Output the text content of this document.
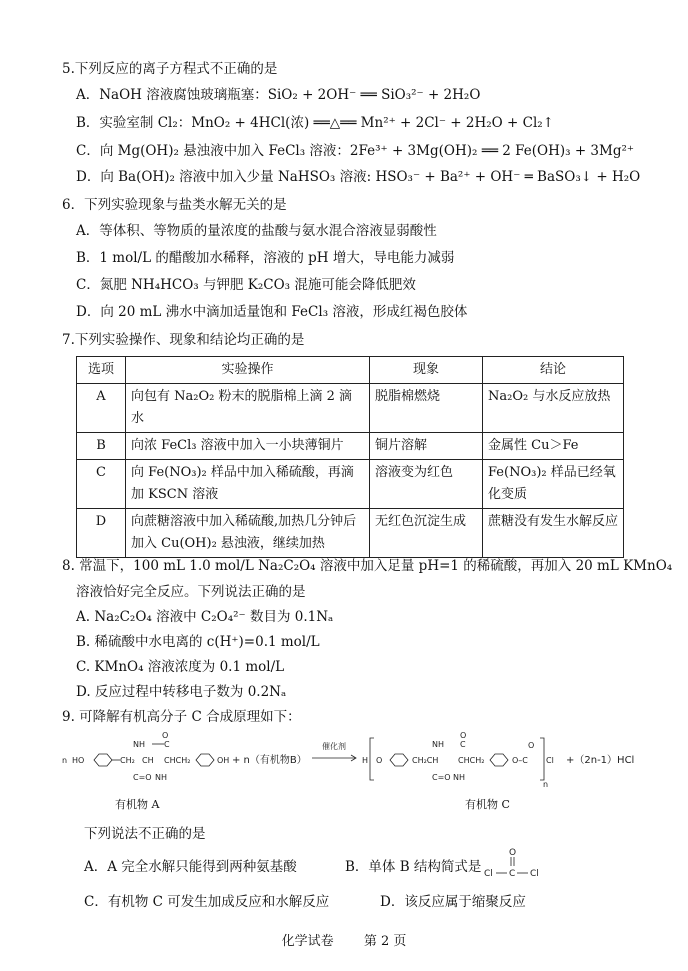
5.下列反应的离子方程式不正确的是
A．NaOH 溶液腐蚀玻璃瓶塞：SiO₂ + 2OH⁻ ══ SiO₃²⁻ + 2H₂O
B．实验室制 Cl₂：MnO₂ + 4HCl(浓) ══△══ Mn²⁺ + 2Cl⁻ + 2H₂O + Cl₂↑
C．向 Mg(OH)₂ 悬浊液中加入 FeCl₃ 溶液：2Fe³⁺ + 3Mg(OH)₂ ══ 2 Fe(OH)₃ + 3Mg²⁺
D．向 Ba(OH)₂ 溶液中加入少量 NaHSO₃ 溶液: HSO₃⁻ + Ba²⁺ + OH⁻ ═ BaSO₃↓ + H₂O
6．下列实验现象与盐类水解无关的是
A．等体积、等物质的量浓度的盐酸与氨水混合溶液显弱酸性
B．1 mol/L 的醋酸加水稀释，溶液的 pH 增大，导电能力减弱
C．氮肥 NH₄HCO₃ 与钾肥 K₂CO₃ 混施可能会降低肥效
D．向 20 mL 沸水中滴加适量饱和 FeCl₃ 溶液，形成红褐色胶体
7.下列实验操作、现象和结论均正确的是
选项	实验操作	现象	结论
A	向包有 Na₂O₂ 粉末的脱脂棉上滴 2 滴水	脱脂棉燃烧	Na₂O₂ 与水反应放热
B	向浓 FeCl₃ 溶液中加入一小块薄铜片	铜片溶解	金属性 Cu＞Fe
C	向 Fe(NO₃)₂ 样品中加入稀硫酸，再滴加 KSCN 溶液	溶液变为红色	Fe(NO₃)₂ 样品已经氧化变质
D	向蔗糖溶液中加入稀硫酸,加热几分钟后加入 Cu(OH)₂ 悬浊液，继续加热	无红色沉淀生成	蔗糖没有发生水解反应
8. 常温下，100 mL 1.0 mol/L Na₂C₂O₄ 溶液中加入足量 pH=1 的稀硫酸，再加入 20 mL KMnO₄
溶液恰好完全反应。下列说法正确的是
A. Na₂C₂O₄ 溶液中 C₂O₄²⁻ 数目为 0.1Nₐ
B. 稀硫酸中水电离的 c(H⁺)=0.1 mol/L
C. KMnO₄ 溶液浓度为 0.1 mol/L
D. 反应过程中转移电子数为 0.2Nₐ
9. 可降解有机高分子 C 合成原理如下：
n HO	CH₂ CH
NH
C=O
C
O
CHCH₂
NH
OH + n（有机物B）
催化剂
H O	CH₂CH
NH
C=O
O
C
CHCH₂
NH
O–C
O
Cl
n
+（2n-1）HCl
有机物 A	有机物 C
下列说法不正确的是
A．A 完全水解只能得到两种氨基酸	B．单体 B 结构简式是
O
Cl C Cl
C．有机物 C 可发生加成反应和水解反应	D．该反应属于缩聚反应
化学试卷 第 2 页
